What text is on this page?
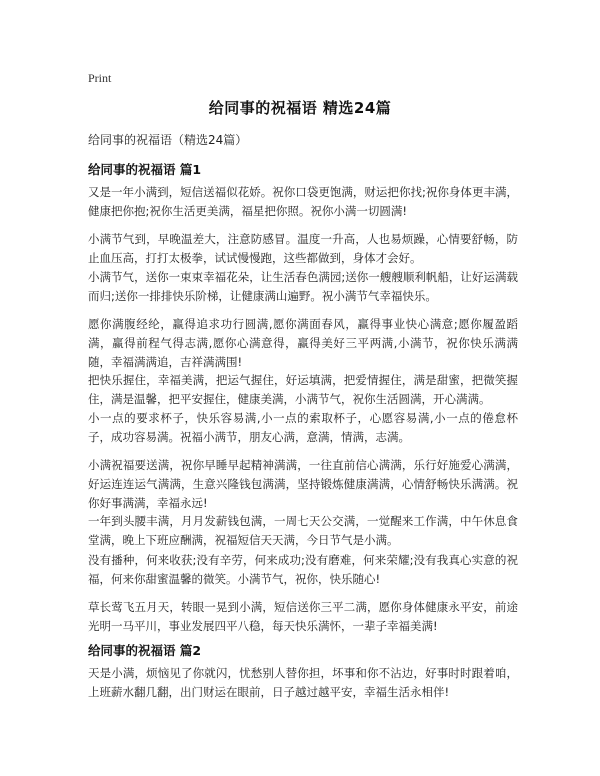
Print
给同事的祝福语 精选24篇
给同事的祝福语（精选24篇）
给同事的祝福语 篇1
又是一年小满到，短信送福似花娇。祝你口袋更饱满，财运把你找;祝你身体更丰满，健康把你抱;祝你生活更美满，福星把你照。祝你小满一切圆满!
小满节气到，早晚温差大，注意防感冒。温度一升高，人也易烦躁，心情要舒畅，防止血压高，打打太极拳，试试慢慢跑，这些都做到，身体才会好。
小满节气，送你一束束幸福花朵，让生活春色满园;送你一艘艘顺利帆船，让好运满载而归;送你一排排快乐阶梯，让健康满山遍野。祝小满节气幸福快乐。
愿你满腹经纶，赢得追求功行圆满,愿你满面春风，赢得事业快心满意;愿你履盈蹈满，赢得前程气得志满,愿你心满意得，赢得美好三平两满,小满节，祝你快乐满满随，幸福满满追，吉祥满满围!
把快乐握住，幸福美满，把运气握住，好运填满，把爱情握住，满是甜蜜，把微笑握住，满是温馨，把平安握住，健康美满，小满节气，祝你生活圆满，开心满满。
小一点的要求杯子，快乐容易满,小一点的索取杯子，心愿容易满,小一点的倦怠杯子，成功容易满。祝福小满节，朋友心满，意满，情满，志满。
小满祝福要送满，祝你早睡早起精神满满，一往直前信心满满，乐行好施爱心满满，好运连连运气满满，生意兴隆钱包满满，坚持锻炼健康满满，心情舒畅快乐满满。祝你好事满满，幸福永远!
一年到头腰丰满，月月发薪钱包满，一周七天公交满，一觉醒来工作满，中午休息食堂满，晚上下班应酬满，祝福短信天天满，今日节气是小满。
没有播种，何来收获;没有辛劳，何来成功;没有磨难，何来荣耀;没有我真心实意的祝福，何来你甜蜜温馨的微笑。小满节气，祝你，快乐随心!
草长莺飞五月天，转眼一晃到小满，短信送你三平二满，愿你身体健康永平安，前途光明一马平川，事业发展四平八稳，每天快乐满怀，一辈子幸福美满!
给同事的祝福语 篇2
天是小满，烦恼见了你就闪，忧愁别人替你担，坏事和你不沾边，好事时时跟着咱，上班薪水翻几翻，出门财运在眼前，日子越过越平安，幸福生活永相伴!
